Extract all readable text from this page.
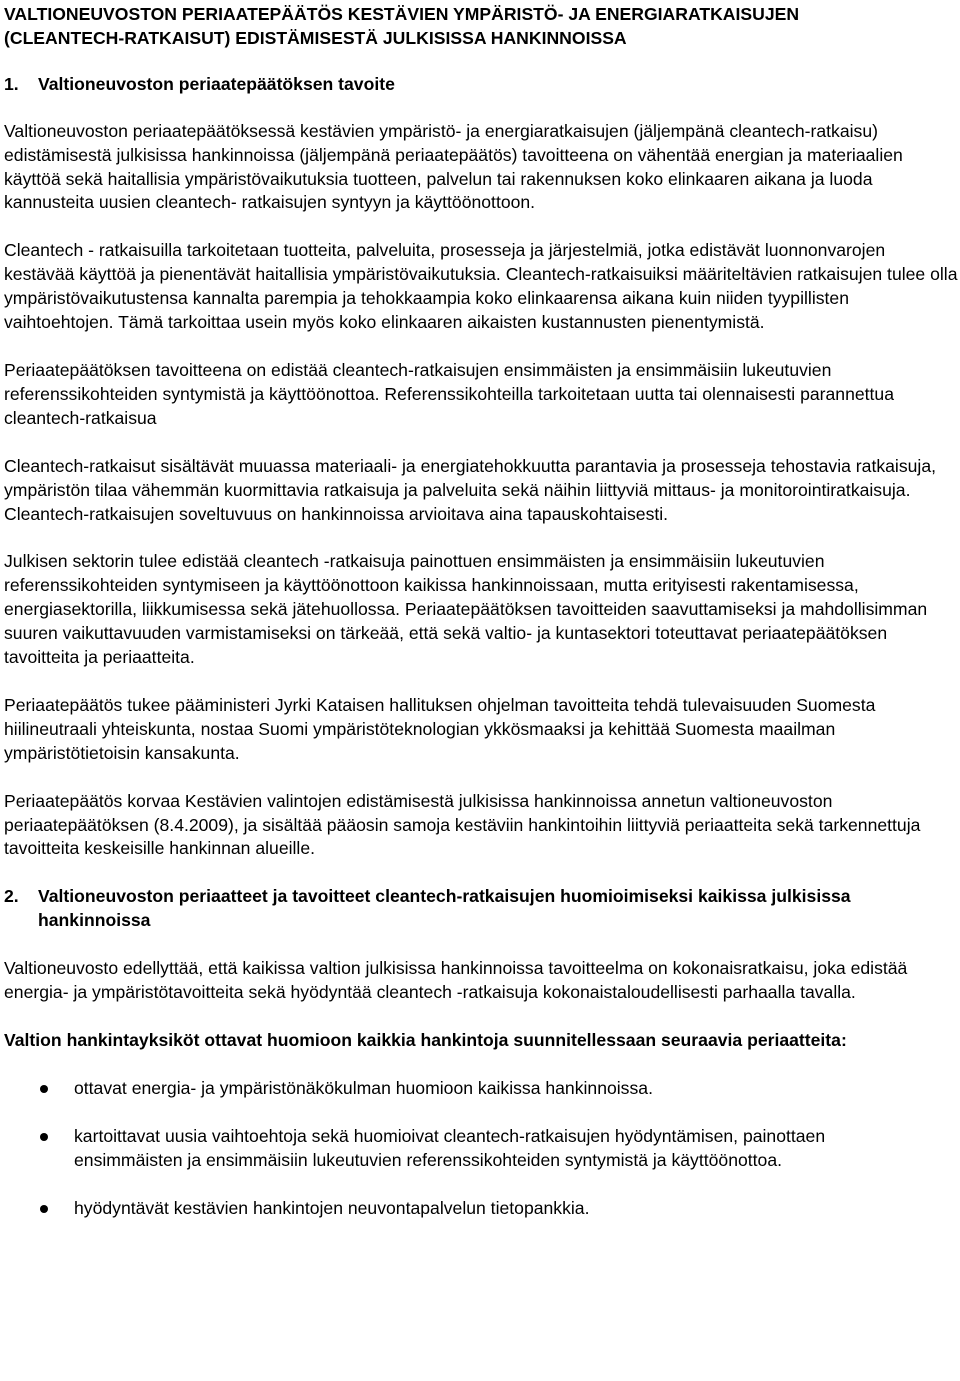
VALTIONEUVOSTON PERIAATEPÄÄTÖS KESTÄVIEN YMPÄRISTÖ- JA ENERGIARATKAISUJEN

(CLEANTECH-RATKAISUT) EDISTÄMISESTÄ JULKISISSA HANKINNOISSA

1.	Valtioneuvoston periaatepäätöksen tavoite

Valtioneuvoston periaatepäätöksessä kestävien ympäristö- ja energiaratkaisujen (jäljempänä cleantech-ratkaisu) edistämisestä julkisissa hankinnoissa (jäljempänä periaatepäätös) tavoitteena on vähentää energian ja materiaalien käyttöä sekä haitallisia ympäristövaikutuksia tuotteen, palvelun tai rakennuksen koko elinkaaren aikana ja luoda kannusteita uusien cleantech- ratkaisujen syntyyn ja käyttöönottoon.

Cleantech - ratkaisuilla tarkoitetaan tuotteita, palveluita, prosesseja ja järjestelmiä, jotka edistävät luonnonvarojen kestävää käyttöä ja pienentävät haitallisia ympäristövaikutuksia. Cleantech-ratkaisuiksi määriteltävien ratkaisujen tulee olla ympäristövaikutustensa kannalta parempia ja tehokkaampia koko elinkaarensa aikana kuin niiden tyypillisten vaihtoehtojen. Tämä tarkoittaa usein myös koko elinkaaren aikaisten kustannusten pienentymistä.

Periaatepäätöksen tavoitteena on edistää cleantech-ratkaisujen ensimmäisten ja ensimmäisiin lukeutuvien referenssikohteiden syntymistä ja käyttöönottoa. Referenssikohteilla tarkoitetaan uutta tai olennaisesti parannettua cleantech-ratkaisua

Cleantech-ratkaisut sisältävät muuassa materiaali- ja energiatehokkuutta parantavia ja prosesseja tehostavia ratkaisuja, ympäristön tilaa vähemmän kuormittavia ratkaisuja ja palveluita sekä näihin liittyviä mittaus- ja monitorointiratkaisuja. Cleantech-ratkaisujen soveltuvuus on hankinnoissa arvioitava aina tapauskohtaisesti.

Julkisen sektorin tulee edistää cleantech -ratkaisuja painottuen ensimmäisten ja ensimmäisiin lukeutuvien referenssikohteiden syntymiseen ja käyttöönottoon kaikissa hankinnoissaan, mutta erityisesti rakentamisessa, energiasektorilla, liikkumisessa sekä jätehuollossa. Periaatepäätöksen tavoitteiden saavuttamiseksi ja mahdollisimman suuren vaikuttavuuden varmistamiseksi on tärkeää, että sekä valtio- ja kuntasektori toteuttavat periaatepäätöksen tavoitteita ja periaatteita.

Periaatepäätös tukee pääministeri Jyrki Kataisen hallituksen ohjelman tavoitteita tehdä tulevaisuuden Suomesta hiilineutraali yhteiskunta, nostaa Suomi ympäristöteknologian ykkösmaaksi ja kehittää Suomesta maailman ympäristötietoisin kansakunta.

Periaatepäätös korvaa Kestävien valintojen edistämisestä julkisissa hankinnoissa annetun valtioneuvoston periaatepäätöksen (8.4.2009), ja sisältää pääosin samoja kestäviin hankintoihin liittyviä periaatteita sekä tarkennettuja tavoitteita keskeisille hankinnan alueille.

2.	Valtioneuvoston periaatteet ja tavoitteet cleantech-ratkaisujen huomioimiseksi kaikissa julkisissa hankinnoissa

Valtioneuvosto edellyttää, että kaikissa valtion julkisissa hankinnoissa tavoitteelma on kokonaisratkaisu, joka edistää energia- ja ympäristötavoitteita sekä hyödyntää cleantech -ratkaisuja kokonaistaloudellisesti parhaalla tavalla.

Valtion hankintayksiköt ottavat huomioon kaikkia hankintoja suunnitellessaan seuraavia periaatteita:

ottavat energia- ja ympäristönäkökulman huomioon kaikissa hankinnoissa.
kartoittavat uusia vaihtoehtoja sekä huomioivat cleantech-ratkaisujen hyödyntämisen, painottaen ensimmäisten ja ensimmäisiin lukeutuvien referenssikohteiden syntymistä ja käyttöönottoa.
hyödyntävät kestävien hankintojen neuvontapalvelun tietopankkia.
